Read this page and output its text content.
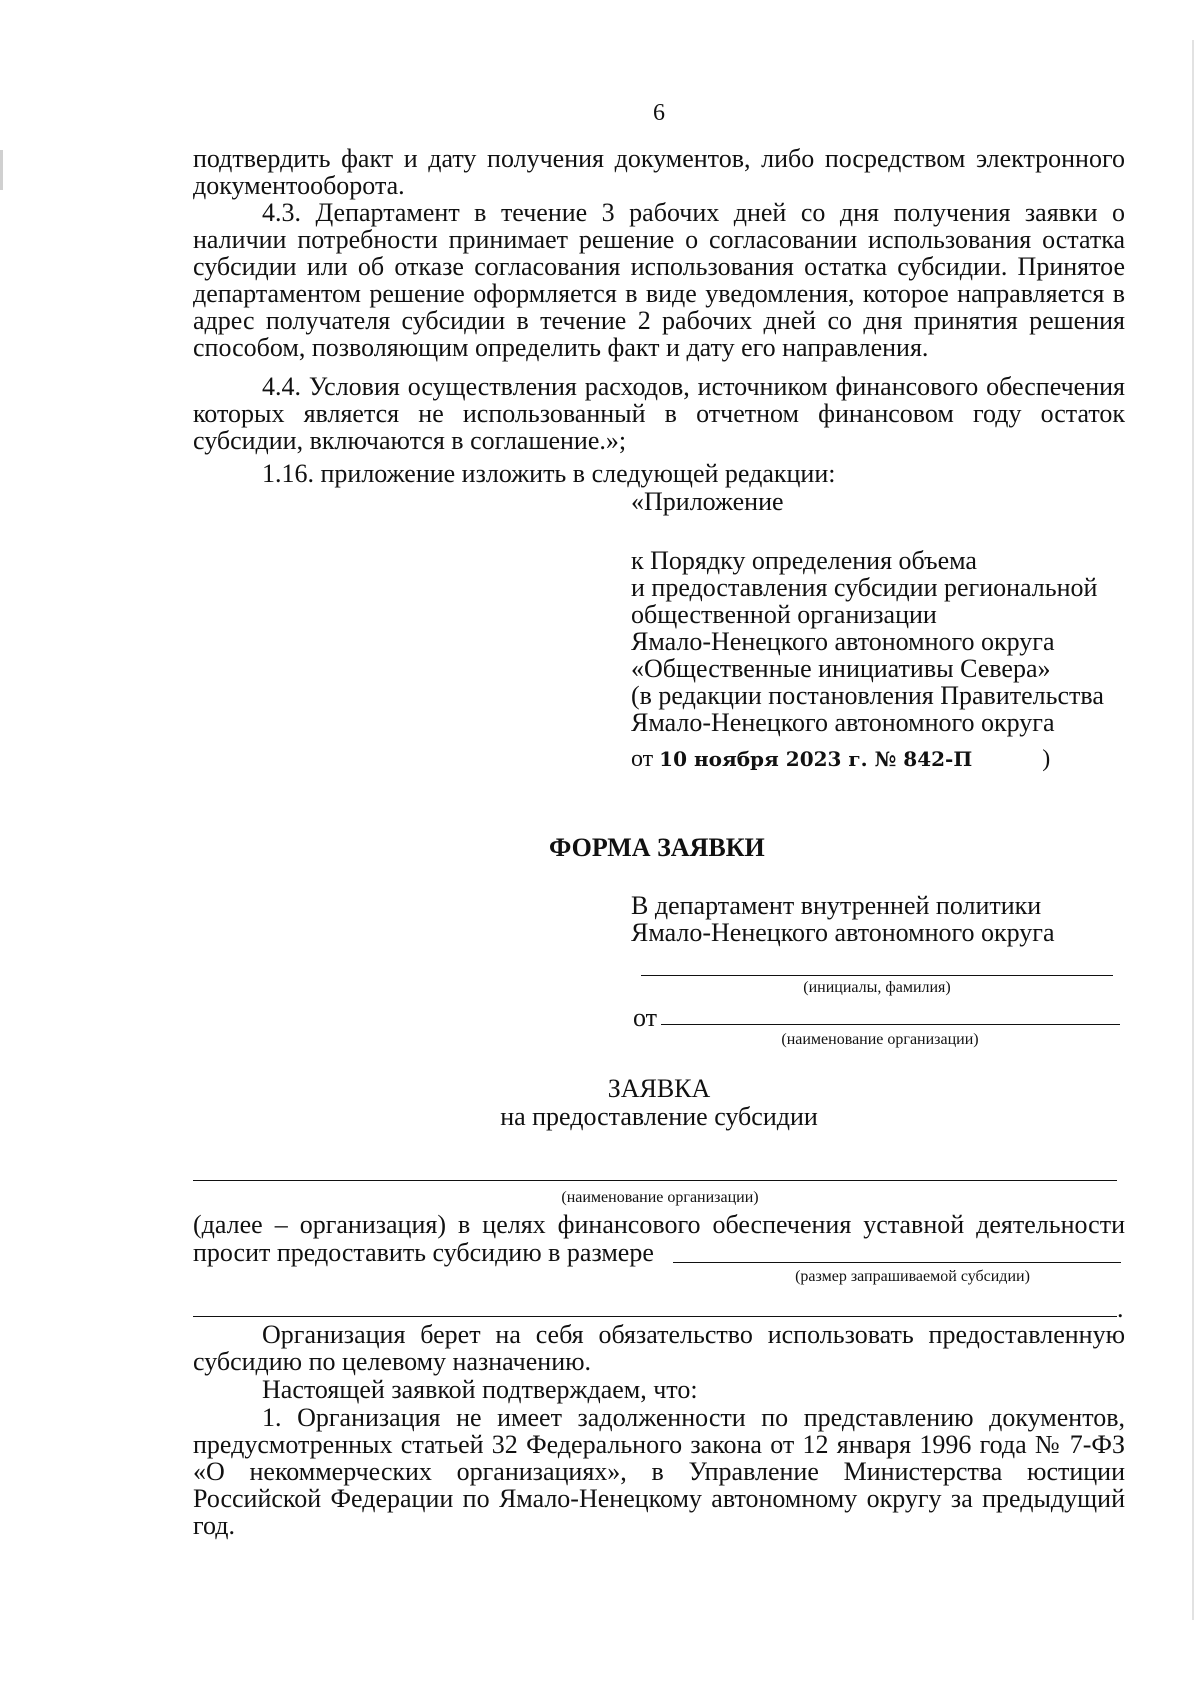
6
подтвердить факт и дату получения документов, либо посредством электронного документооборота.
4.3. Департамент в течение 3 рабочих дней со дня получения заявки о наличии потребности принимает решение о согласовании использования остатка субсидии или об отказе согласования использования остатка субсидии. Принятое департаментом решение оформляется в виде уведомления, которое направляется в адрес получателя субсидии в течение 2 рабочих дней со дня принятия решения способом, позволяющим определить факт и дату его направления.
4.4. Условия осуществления расходов, источником финансового обеспечения которых является не использованный в отчетном финансовом году остаток субсидии, включаются в соглашение.»;
1.16. приложение изложить в следующей редакции:
«Приложение
к Порядку определения объема
и предоставления субсидии региональной
общественной организации
Ямало-Ненецкого автономного округа
«Общественные инициативы Севера»
(в редакции постановления Правительства
Ямало-Ненецкого автономного округа
от 10 ноября 2023 г. № 842-П	)
ФОРМА ЗАЯВКИ
В департамент внутренней политики
Ямало-Ненецкого автономного округа
(инициалы, фамилия)
от
(наименование организации)
ЗАЯВКА
на предоставление субсидии
(наименование организации)
(далее – организация) в целях финансового обеспечения уставной деятельности
просит предоставить субсидию в размере
(размер запрашиваемой субсидии)
.
Организация берет на себя обязательство использовать предоставленную субсидию по целевому назначению.
Настоящей заявкой подтверждаем, что:
1. Организация не имеет задолженности по представлению документов, предусмотренных статьей 32 Федерального закона от 12 января 1996 года № 7-ФЗ «О некоммерческих организациях», в Управление Министерства юстиции Российской Федерации по Ямало-Ненецкому автономному округу за предыдущий год.
